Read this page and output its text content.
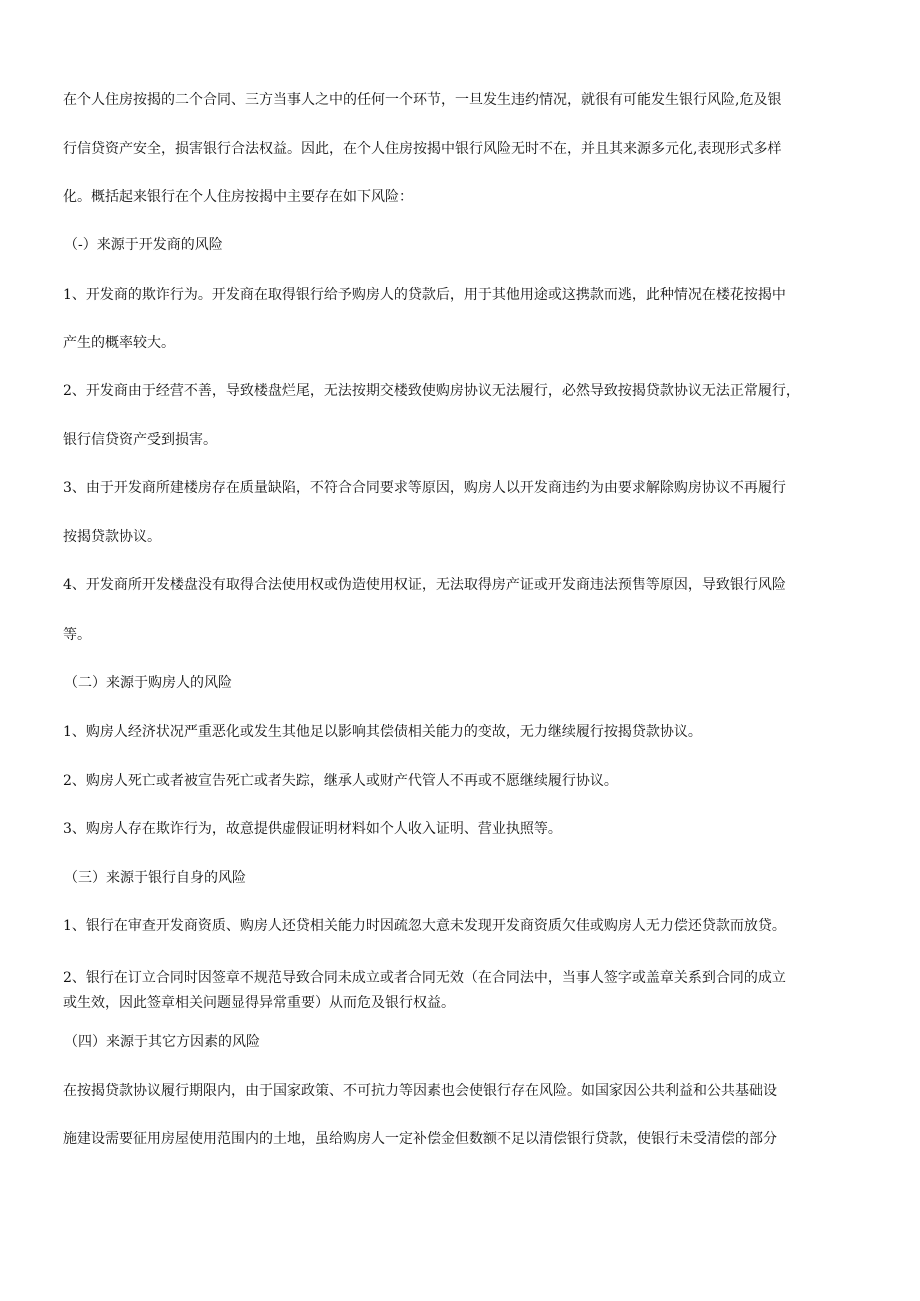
在个人住房按揭的二个合同、三方当事人之中的任何一个环节，一旦发生违约情况，就很有可能发生银行风险,危及银

行信贷资产安全，损害银行合法权益。因此，在个人住房按揭中银行风险无时不在，并且其来源多元化,表现形式多样

化。概括起来银行在个人住房按揭中主要存在如下风险：

（-）来源于开发商的风险

1、开发商的欺诈行为。开发商在取得银行给予购房人的贷款后，用于其他用途或这携款而逃，此种情况在楼花按揭中

产生的概率较大。

2、开发商由于经营不善，导致楼盘烂尾，无法按期交楼致使购房协议无法履行，必然导致按揭贷款协议无法正常履行，

银行信贷资产受到损害。

3、由于开发商所建楼房存在质量缺陷，不符合合同要求等原因，购房人以开发商违约为由要求解除购房协议不再履行

按揭贷款协议。

4、开发商所开发楼盘没有取得合法使用权或伪造使用权证，无法取得房产证或开发商违法预售等原因，导致银行风险

等。

（二）来源于购房人的风险

1、购房人经济状况严重恶化或发生其他足以影响其偿债相关能力的变故，无力继续履行按揭贷款协议。

2、购房人死亡或者被宣告死亡或者失踪，继承人或财产代管人不再或不愿继续履行协议。

3、购房人存在欺诈行为，故意提供虚假证明材料如个人收入证明、营业执照等。

（三）来源于银行自身的风险

1、银行在审查开发商资质、购房人还贷相关能力时因疏忽大意未发现开发商资质欠佳或购房人无力偿还贷款而放贷。

2、银行在订立合同时因签章不规范导致合同未成立或者合同无效（在合同法中，当事人签字或盖章关系到合同的成立

或生效，因此签章相关问题显得异常重要）从而危及银行权益。

（四）来源于其它方因素的风险

在按揭贷款协议履行期限内，由于国家政策、不可抗力等因素也会使银行存在风险。如国家因公共利益和公共基础设

施建设需要征用房屋使用范围内的土地，虽给购房人一定补偿金但数额不足以清偿银行贷款，使银行未受清偿的部分
